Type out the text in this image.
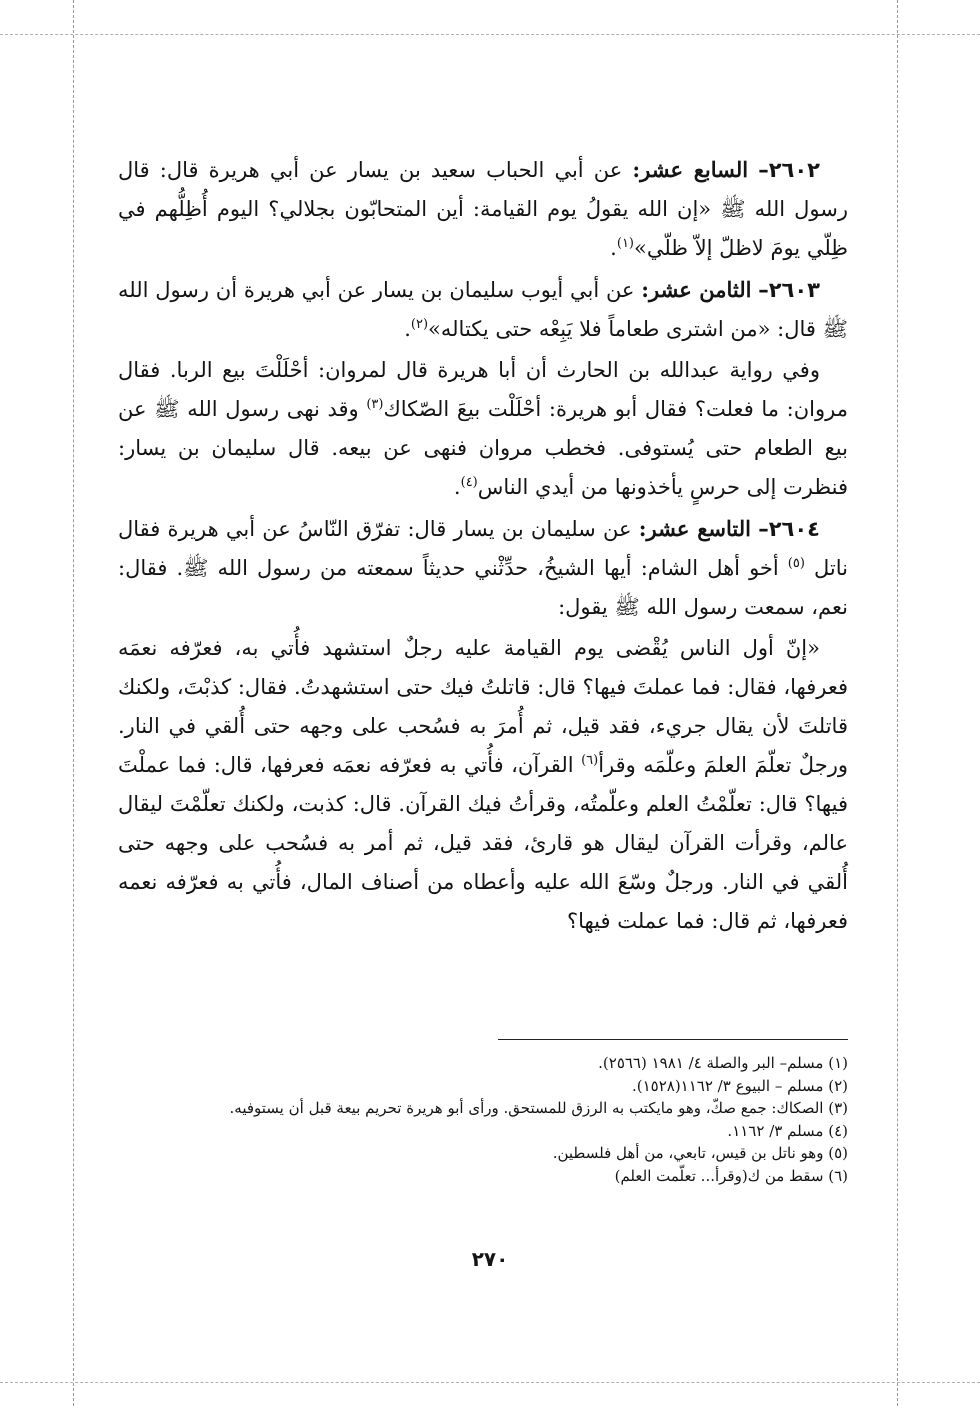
٢٦٠٢– السابع عشر: عن أبي الحباب سعيد بن يسار عن أبي هريرة قال: قال رسول الله ﷺ «إن الله يقولُ يوم القيامة: أين المتحابّون بجلالي؟ اليوم أُظِلُّهم في ظِلّي يومَ لاظلّ إلاّ ظلّي»$^{(١)}$.

٢٦٠٣– الثامن عشر: عن أبي أيوب سليمان بن يسار عن أبي هريرة أن رسول الله ﷺ قال: «من اشترى طعاماً فلا يَبِعْه حتى يكتاله»$^{(٢)}$.

وفي رواية عبدالله بن الحارث أن أبا هريرة قال لمروان: أحْلَلْتَ بيع الربا. فقال مروان: ما فعلت؟ فقال أبو هريرة: أحْلَلْت بيعَ الصّكاك$^{(٣)}$ وقد نهى رسول الله ﷺ عن بيع الطعام حتى يُستوفى. فخطب مروان فنهى عن بيعه. قال سليمان بن يسار: فنظرت إلى حرسٍ يأخذونها من أيدي الناس$^{(٤)}$.

٢٦٠٤– التاسع عشر: عن سليمان بن يسار قال: تفرّق النّاسُ عن أبي هريرة فقال ناتل $^{(٥)}$ أخو أهل الشام: أيها الشيخُ، حدِّثْني حديثاً سمعته من رسول الله ﷺ. فقال: نعم، سمعت رسول الله ﷺ يقول:

«إنّ أول الناس يُقْضى يوم القيامة عليه رجلٌ استشهد فأُتي به، فعرّفه نعمَه فعرفها، فقال: فما عملتَ فيها؟ قال: قاتلتُ فيك حتى استشهدتُ. فقال: كذبْتَ، ولكنك قاتلتَ لأن يقال جريء، فقد قيل، ثم أُمرَ به فسُحب على وجهه حتى أُلقي في النار. ورجلٌ تعلّمَ العلمَ وعلّمَه وقرأ$^{(٦)}$ القرآن، فأُتي به فعرّفه نعمَه فعرفها، قال: فما عملْتَ فيها؟ قال: تعلّمْتُ العلم وعلّمتُه، وقرأتُ فيك القرآن. قال: كذبت، ولكنك تعلّمْتَ ليقال عالم، وقرأت القرآن ليقال هو قارئ، فقد قيل، ثم أمر به فسُحب على وجهه حتى أُلقي في النار. ورجلٌ وسّعَ الله عليه وأعطاه من أصناف المال، فأُتي به فعرّفه نعمه فعرفها، ثم قال: فما عملت فيها؟

(١) مسلم– البر والصلة ٤/ ١٩٨١ (٢٥٦٦).

(٢) مسلم – البيوع ٣/ ١١٦٢(١٥٢٨).

(٣) الصكاك: جمع صكّ، وهو مايكتب به الرزق للمستحق. ورأى أبو هريرة تحريم بيعة قبل أن يستوفيه.

(٤) مسلم ٣/ ١١٦٢.

(٥) وهو ناتل بن قيس، تابعي، من أهل فلسطين.

(٦) سقط من ك(وقرأ... تعلّمت العلم)

٢٧٠
